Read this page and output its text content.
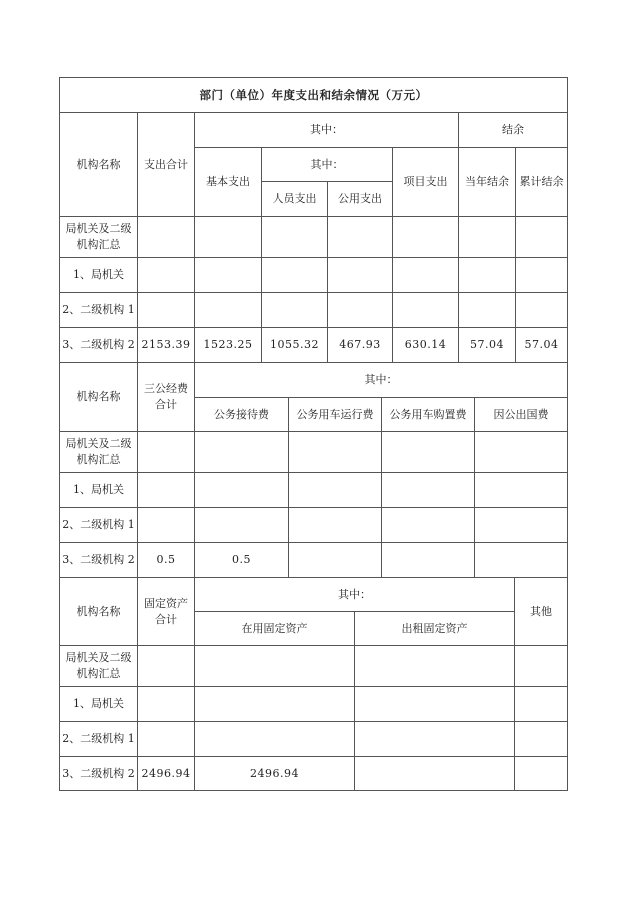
部门（单位）年度支出和结余情况（万元）							
机构名称	支出合计	其中：				结余	
		基本支出	其中：		项目支出	当年结余	累计结余
			人员支出	公用支出			
局机关及二级机构汇总							
1、局机关							
2、二级机构 1							
3、二级机构 2	2153.39	1523.25	1055.32	467.93	630.14	57.04	57.04
机构名称	三公经费合计	其中：			
		公务接待费	公务用车运行费	公务用车购置费	因公出国费
局机关及二级机构汇总					
1、局机关					
2、二级机构 1					
3、二级机构 2	0.5	0.5			
机构名称	固定资产合计	其中：		其他
		在用固定资产	出租固定资产	
局机关及二级机构汇总				
1、局机关				
2、二级机构 1				
3、二级机构 2	2496.94	2496.94		
